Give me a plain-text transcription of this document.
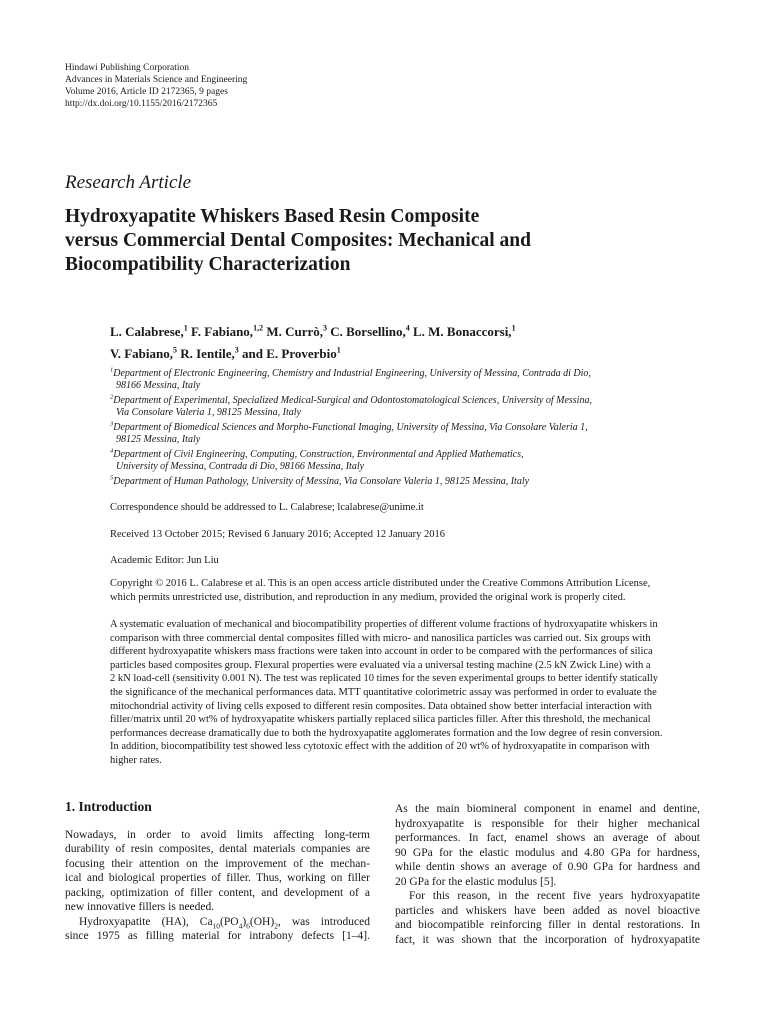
Hindawi Publishing Corporation
Advances in Materials Science and Engineering
Volume 2016, Article ID 2172365, 9 pages
http://dx.doi.org/10.1155/2016/2172365
Research Article
Hydroxyapatite Whiskers Based Resin Composite
versus Commercial Dental Composites: Mechanical and
Biocompatibility Characterization
L. Calabrese,$^1$ F. Fabiano,$^{1,2}$ M. Currò,$^3$ C. Borsellino,$^4$ L. M. Bonaccorsi,$^1$
V. Fabiano,$^5$ R. Ientile,$^3$ and E. Proverbio$^1$
$^1$Department of Electronic Engineering, Chemistry and Industrial Engineering, University of Messina, Contrada di Dio,
98166 Messina, Italy
$^2$Department of Experimental, Specialized Medical-Surgical and Odontostomatological Sciences, University of Messina,
Via Consolare Valeria 1, 98125 Messina, Italy
$^3$Department of Biomedical Sciences and Morpho-Functional Imaging, University of Messina, Via Consolare Valeria 1,
98125 Messina, Italy
$^4$Department of Civil Engineering, Computing, Construction, Environmental and Applied Mathematics,
University of Messina, Contrada di Dio, 98166 Messina, Italy
$^5$Department of Human Pathology, University of Messina, Via Consolare Valeria 1, 98125 Messina, Italy
Correspondence should be addressed to L. Calabrese; lcalabrese@unime.it
Received 13 October 2015; Revised 6 January 2016; Accepted 12 January 2016
Academic Editor: Jun Liu
Copyright © 2016 L. Calabrese et al. This is an open access article distributed under the Creative Commons Attribution License,
which permits unrestricted use, distribution, and reproduction in any medium, provided the original work is properly cited.
A systematic evaluation of mechanical and biocompatibility properties of different volume fractions of hydroxyapatite whiskers in
comparison with three commercial dental composites filled with micro- and nanosilica particles was carried out. Six groups with
different hydroxyapatite whiskers mass fractions were taken into account in order to be compared with the performances of silica
particles based composites group. Flexural properties were evaluated via a universal testing machine (2.5 kN Zwick Line) with a
2 kN load-cell (sensitivity 0.001 N). The test was replicated 10 times for the seven experimental groups to better identify statically
the significance of the mechanical performances data. MTT quantitative colorimetric assay was performed in order to evaluate the
mitochondrial activity of living cells exposed to different resin composites. Data obtained show better interfacial interaction with
filler/matrix until 20 wt% of hydroxyapatite whiskers partially replaced silica particles filler. After this threshold, the mechanical
performances decrease dramatically due to both the hydroxyapatite agglomerates formation and the low degree of resin conversion.
In addition, biocompatibility test showed less cytotoxic effect with the addition of 20 wt% of hydroxyapatite in comparison with
higher rates.
1. Introduction
Nowadays, in order to avoid limits affecting long-term
durability of resin composites, dental materials companies are
focusing their attention on the improvement of the mechan-
ical and biological properties of filler. Thus, working on filler
packing, optimization of filler content, and development of a
new innovative fillers is needed.
Hydroxyapatite (HA), $Ca_{10}(PO_4)_6(OH)_2$, was introduced
since 1975 as filling material for intrabony defects [1–4].
As the main biomineral component in enamel and dentine,
hydroxyapatite is responsible for their higher mechanical
performances. In fact, enamel shows an average of about
90 GPa for the elastic modulus and 4.80 GPa for hardness,
while dentin shows an average of 0.90 GPa for hardness and
20 GPa for the elastic modulus [5].
For this reason, in the recent five years hydroxyapatite
particles and whiskers have been added as novel bioactive
and biocompatible reinforcing filler in dental restorations. In
fact, it was shown that the incorporation of hydroxyapatite
